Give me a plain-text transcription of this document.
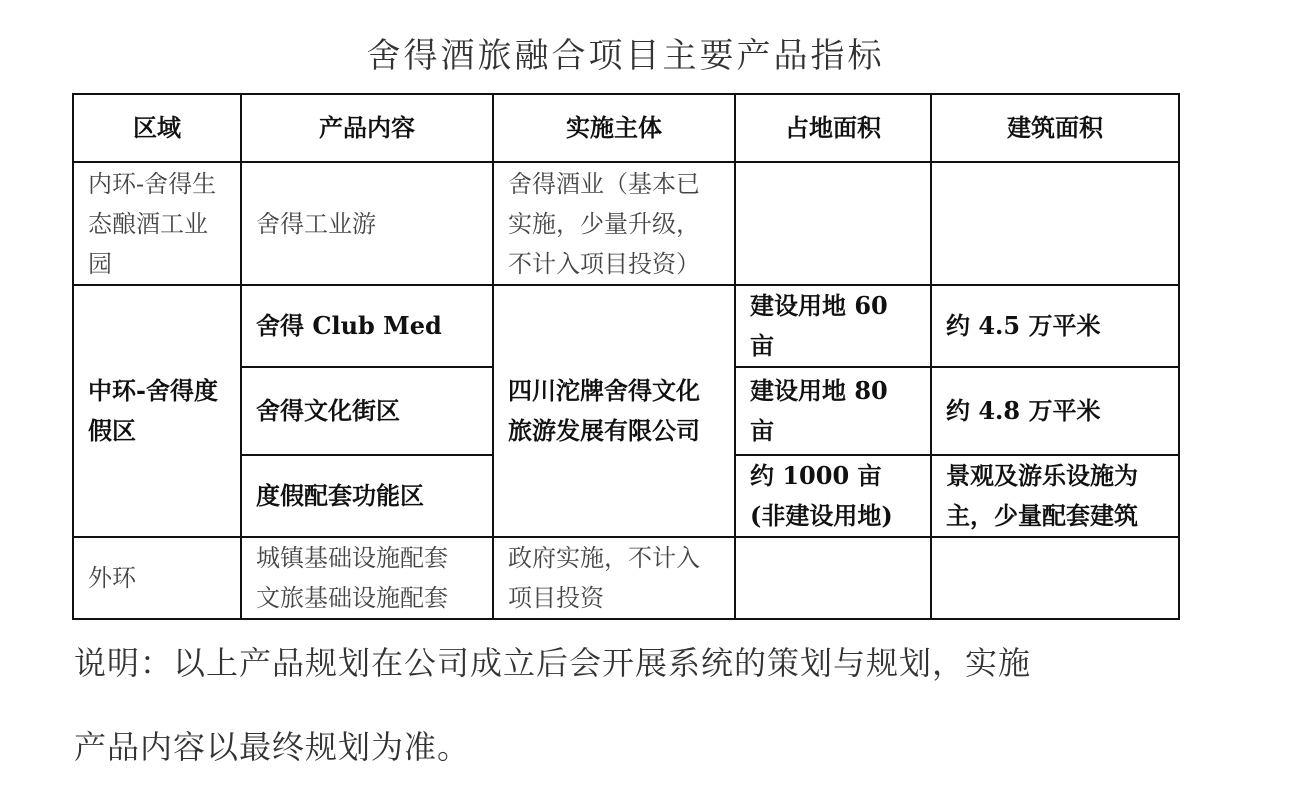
舍得酒旅融合项目主要产品指标
区域	产品内容	实施主体	占地面积	建筑面积
内环-舍得生态酿酒工业园	舍得工业游	舍得酒业（基本已实施，少量升级，不计入项目投资）		
中环-舍得度假区	舍得 Club Med	四川沱牌舍得文化旅游发展有限公司	建设用地 60 亩	约 4.5 万平米
	舍得文化街区		建设用地 80 亩	约 4.8 万平米
	度假配套功能区		约 1000 亩 (非建设用地)	景观及游乐设施为主，少量配套建筑
外环	城镇基础设施配套 文旅基础设施配套	政府实施，不计入项目投资		
说明：以上产品规划在公司成立后会开展系统的策划与规划，实施
产品内容以最终规划为准。
